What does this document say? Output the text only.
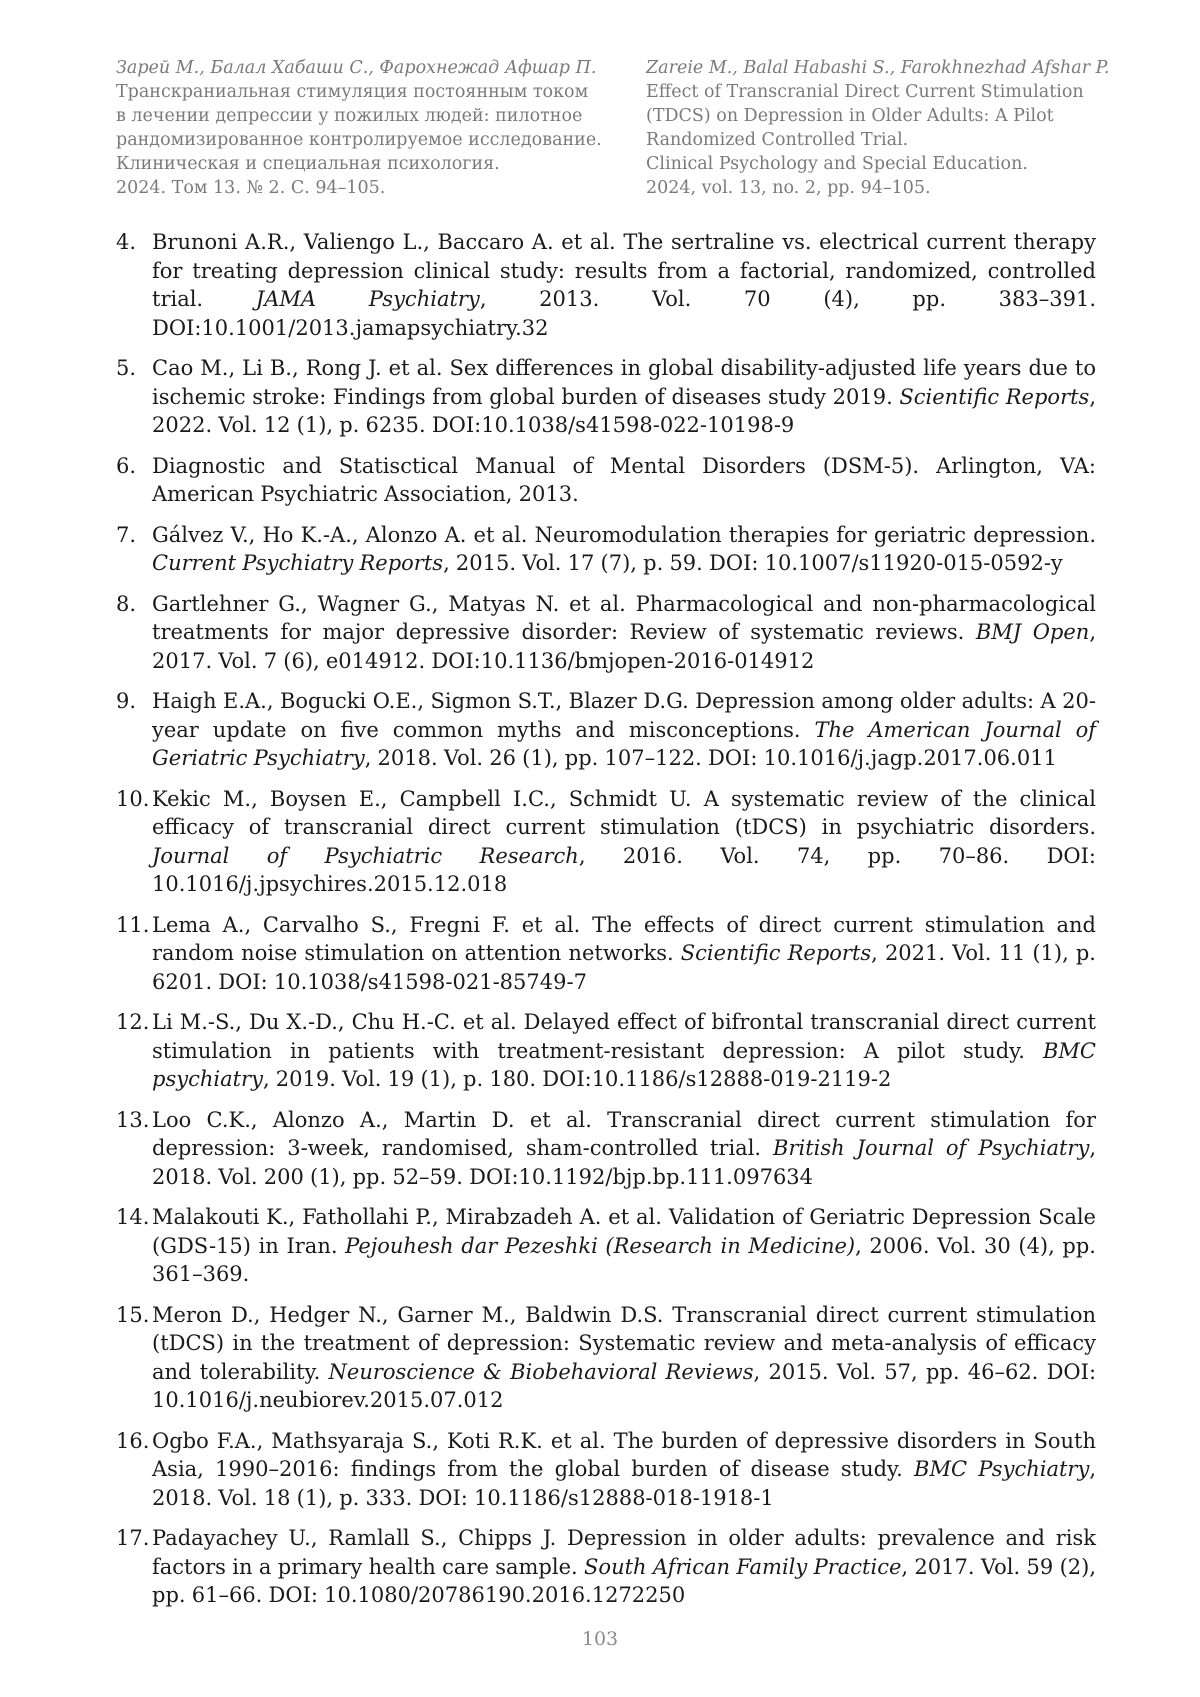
Зарей М., Балал Хабаши С., Фарохнежад Афшар П.
Транскраниальная стимуляция постоянным током
в лечении депрессии у пожилых людей: пилотное
рандомизированное контролируемое исследование.
Клиническая и специальная психология.
2024. Том 13. № 2. С. 94–105.
Zareie M., Balal Habashi S., Farokhnezhad Afshar P.
Effect of Transcranial Direct Current Stimulation
(TDCS) on Depression in Older Adults: A Pilot
Randomized Controlled Trial.
Clinical Psychology and Special Education.
2024, vol. 13, no. 2, pp. 94–105.
4. Brunoni A.R., Valiengo L., Baccaro A. et al. The sertraline vs. electrical current therapy for treating depression clinical study: results from a factorial, randomized, controlled trial. JAMA Psychiatry, 2013. Vol. 70 (4), pp. 383–391. DOI:10.1001/2013.jamapsychiatry.32
5. Cao M., Li B., Rong J. et al. Sex differences in global disability-adjusted life years due to ischemic stroke: Findings from global burden of diseases study 2019. Scientific Reports, 2022. Vol. 12 (1), p. 6235. DOI:10.1038/s41598-022-10198-9
6. Diagnostic and Statisctical Manual of Mental Disorders (DSM-5). Arlington, VA: American Psychiatric Association, 2013.
7. Gálvez V., Ho K.-A., Alonzo A. et al. Neuromodulation therapies for geriatric depression. Current Psychiatry Reports, 2015. Vol. 17 (7), p. 59. DOI: 10.1007/s11920-015-0592-y
8. Gartlehner G., Wagner G., Matyas N. et al. Pharmacological and non-pharmacological treatments for major depressive disorder: Review of systematic reviews. BMJ Open, 2017. Vol. 7 (6), e014912. DOI:10.1136/bmjopen-2016-014912
9. Haigh E.A., Bogucki O.E., Sigmon S.T., Blazer D.G. Depression among older adults: A 20-year update on five common myths and misconceptions. The American Journal of Geriatric Psychiatry, 2018. Vol. 26 (1), pp. 107–122. DOI: 10.1016/j.jagp.2017.06.011
10. Kekic M., Boysen E., Campbell I.C., Schmidt U. A systematic review of the clinical efficacy of transcranial direct current stimulation (tDCS) in psychiatric disorders. Journal of Psychiatric Research, 2016. Vol. 74, pp. 70–86. DOI: 10.1016/j.jpsychires.2015.12.018
11. Lema A., Carvalho S., Fregni F. et al. The effects of direct current stimulation and random noise stimulation on attention networks. Scientific Reports, 2021. Vol. 11 (1), p. 6201. DOI: 10.1038/s41598-021-85749-7
12. Li M.-S., Du X.-D., Chu H.-C. et al. Delayed effect of bifrontal transcranial direct current stimulation in patients with treatment-resistant depression: A pilot study. BMC psychiatry, 2019. Vol. 19 (1), p. 180. DOI:10.1186/s12888-019-2119-2
13. Loo C.K., Alonzo A., Martin D. et al. Transcranial direct current stimulation for depression: 3-week, randomised, sham-controlled trial. British Journal of Psychiatry, 2018. Vol. 200 (1), pp. 52–59. DOI:10.1192/bjp.bp.111.097634
14. Malakouti K., Fathollahi P., Mirabzadeh A. et al. Validation of Geriatric Depression Scale (GDS-15) in Iran. Pejouhesh dar Pezeshki (Research in Medicine), 2006. Vol. 30 (4), pp. 361–369.
15. Meron D., Hedger N., Garner M., Baldwin D.S. Transcranial direct current stimulation (tDCS) in the treatment of depression: Systematic review and meta-analysis of efficacy and tolerability. Neuroscience & Biobehavioral Reviews, 2015. Vol. 57, pp. 46–62. DOI: 10.1016/j.neubiorev.2015.07.012
16. Ogbo F.A., Mathsyaraja S., Koti R.K. et al. The burden of depressive disorders in South Asia, 1990–2016: findings from the global burden of disease study. BMC Psychiatry, 2018. Vol. 18 (1), p. 333. DOI: 10.1186/s12888-018-1918-1
17. Padayachey U., Ramlall S., Chipps J. Depression in older adults: prevalence and risk factors in a primary health care sample. South African Family Practice, 2017. Vol. 59 (2), pp. 61–66. DOI: 10.1080/20786190.2016.1272250
103
